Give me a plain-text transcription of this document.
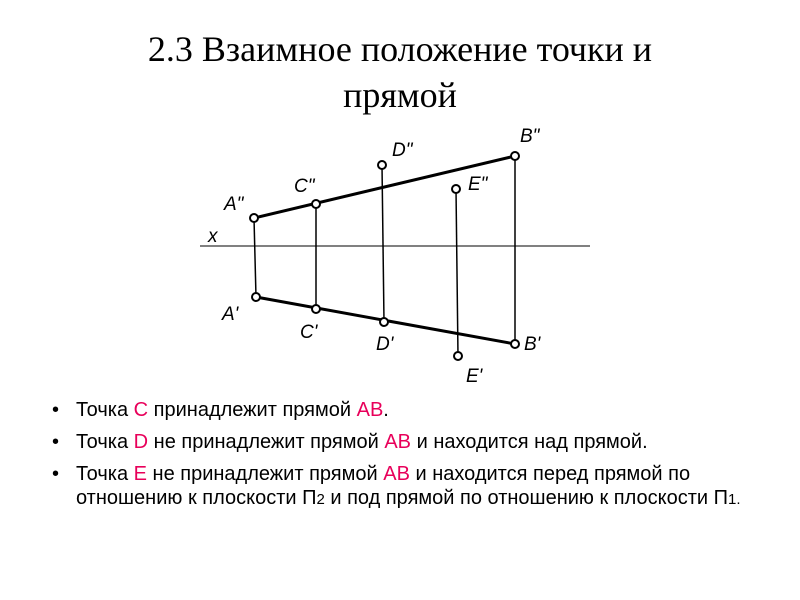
2.3 Взаимное положение точки и
прямой
x
A"
C"
D"
E"
B"
A'
C'
D'
E'
B'
• Точка C принадлежит прямой AB.
• Точка D не принадлежит прямой AB и находится над прямой.
• Точка E не принадлежит прямой AB и находится перед прямой по отношению к плоскости П2 и под прямой по отношению к плоскости П1.
